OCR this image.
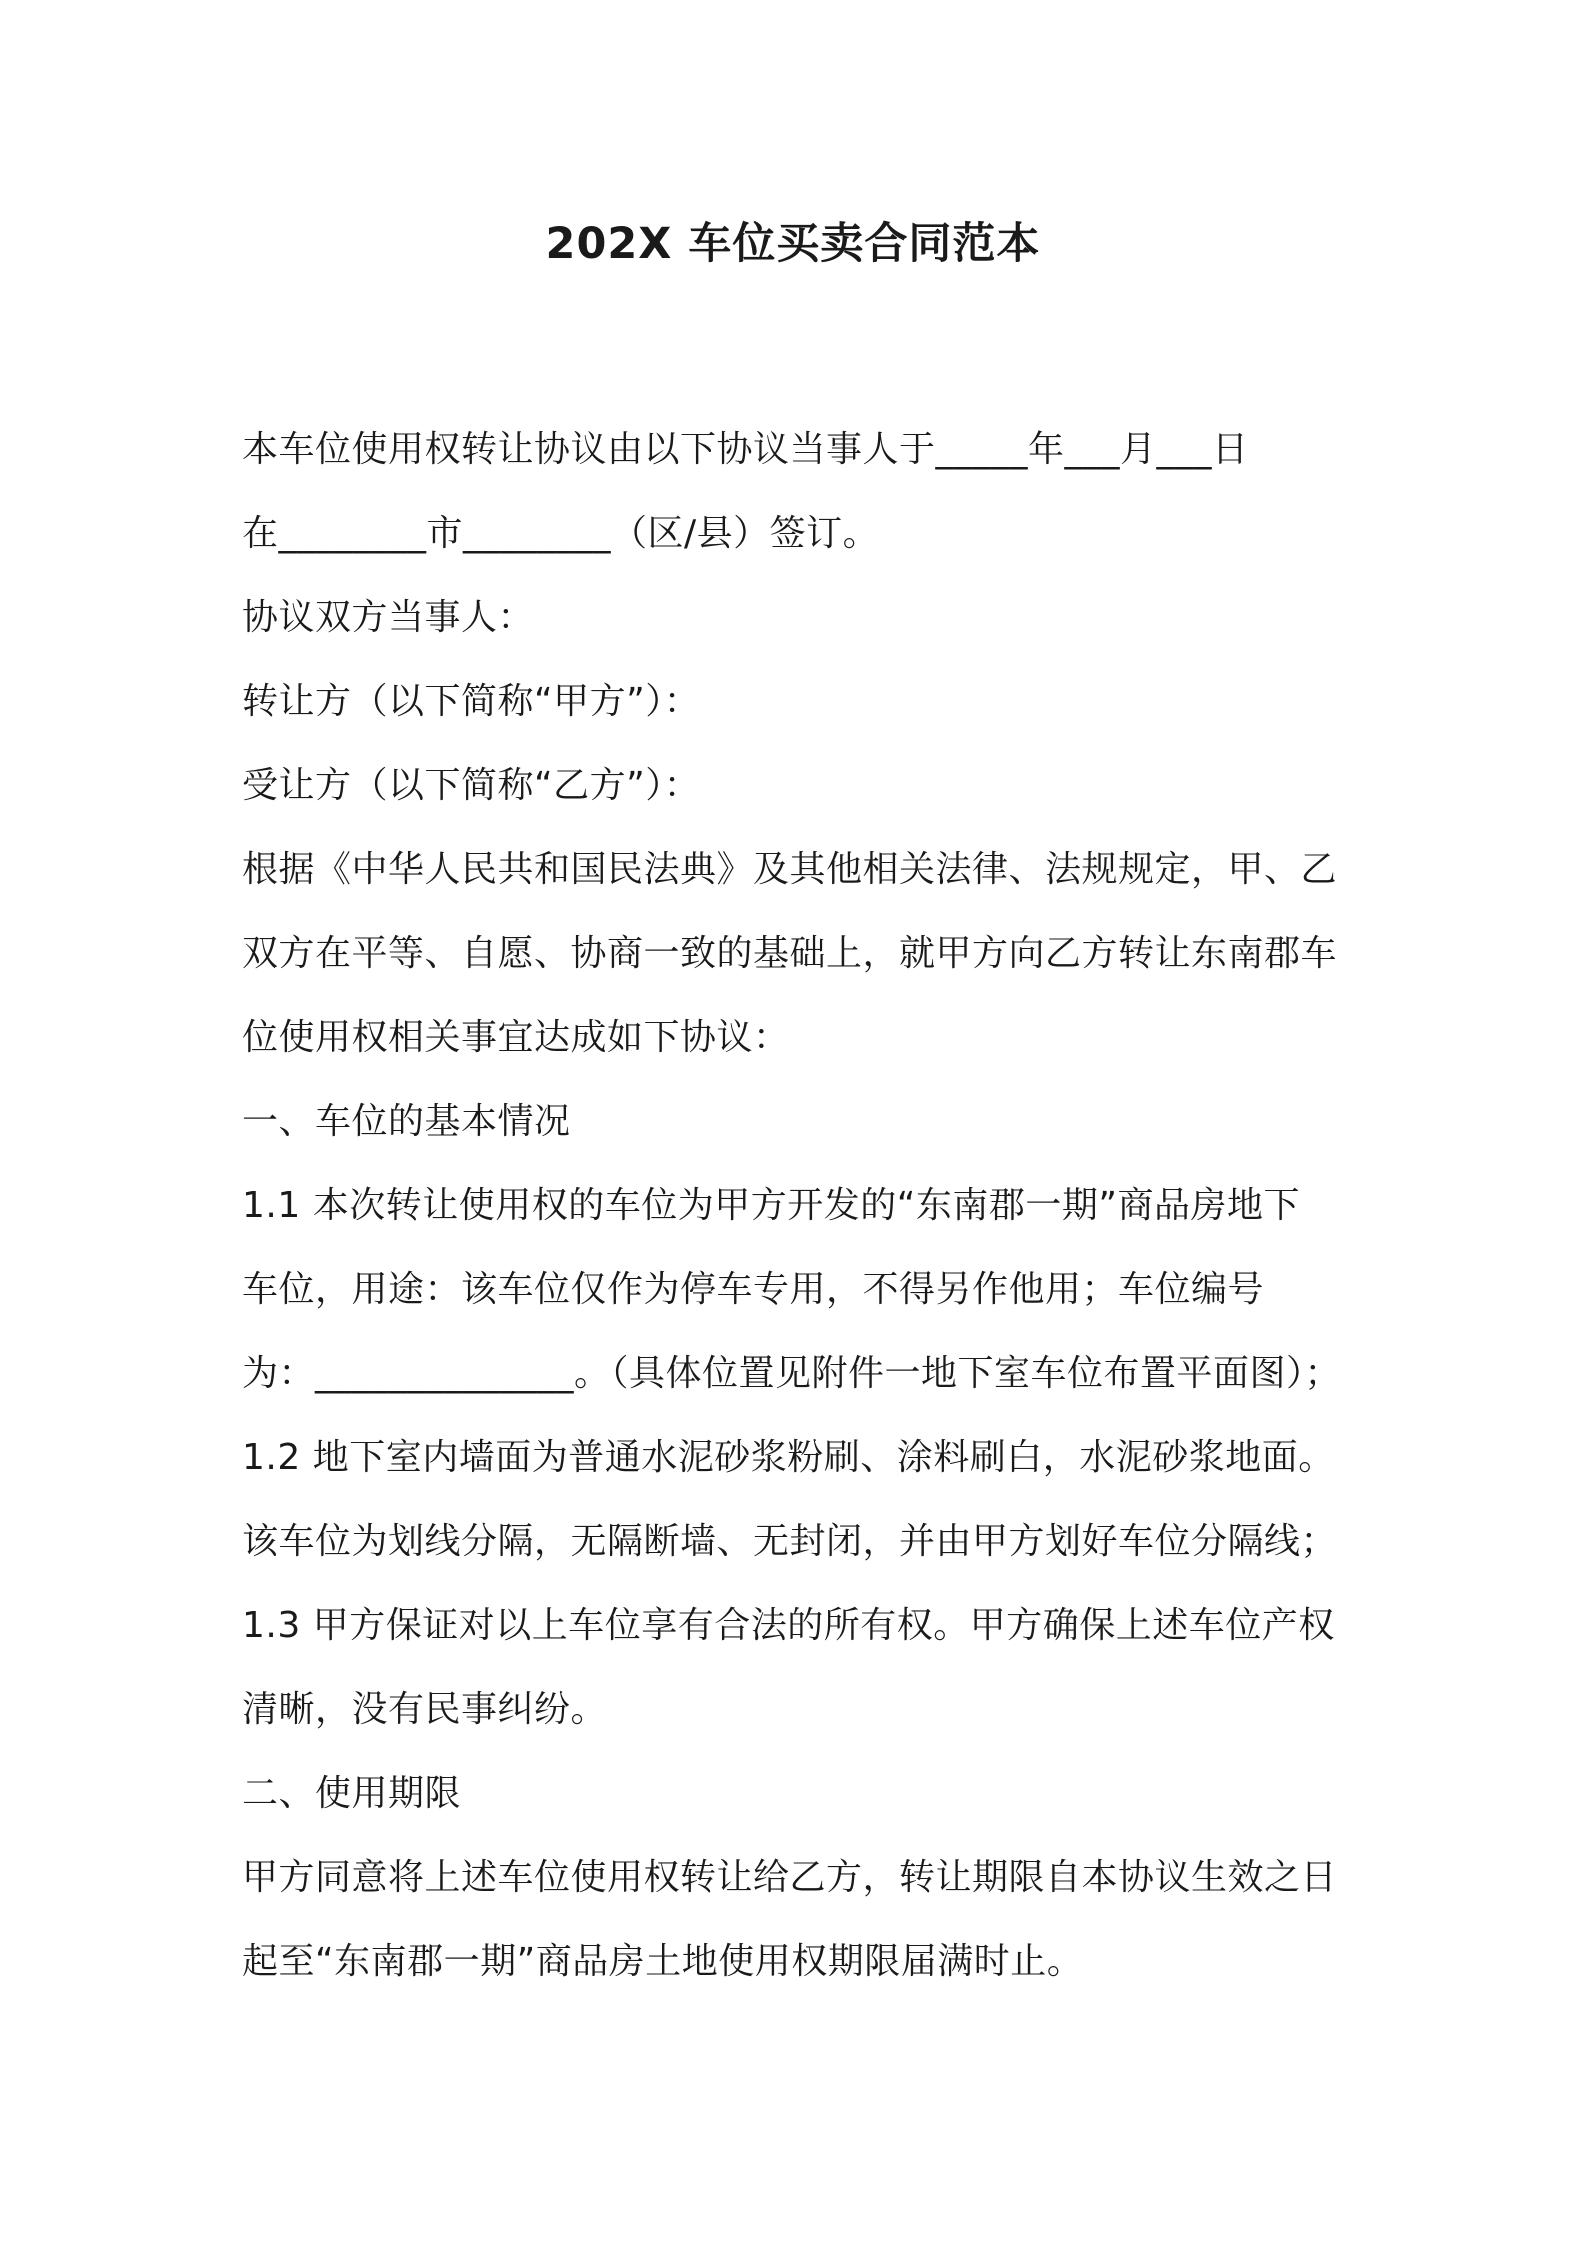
202X 车位买卖合同范本
本车位使用权转让协议由以下协议当事人于_____年___月___日
在________市________（区/县）签订。
协议双方当事人：
转让方（以下简称“甲方”）：
受让方（以下简称“乙方”）：
根据《中华人民共和国民法典》及其他相关法律、法规规定，甲、乙
双方在平等、自愿、协商一致的基础上，就甲方向乙方转让东南郡车
位使用权相关事宜达成如下协议：
一、车位的基本情况
1.1 本次转让使用权的车位为甲方开发的“东南郡一期”商品房地下
车位，用途：该车位仅作为停车专用，不得另作他用；车位编号
为：______________。（具体位置见附件一地下室车位布置平面图）；
1.2 地下室内墙面为普通水泥砂浆粉刷、涂料刷白，水泥砂浆地面。
该车位为划线分隔，无隔断墙、无封闭，并由甲方划好车位分隔线；
1.3 甲方保证对以上车位享有合法的所有权。甲方确保上述车位产权
清晰，没有民事纠纷。
二、使用期限
甲方同意将上述车位使用权转让给乙方，转让期限自本协议生效之日
起至“东南郡一期”商品房土地使用权期限届满时止。
